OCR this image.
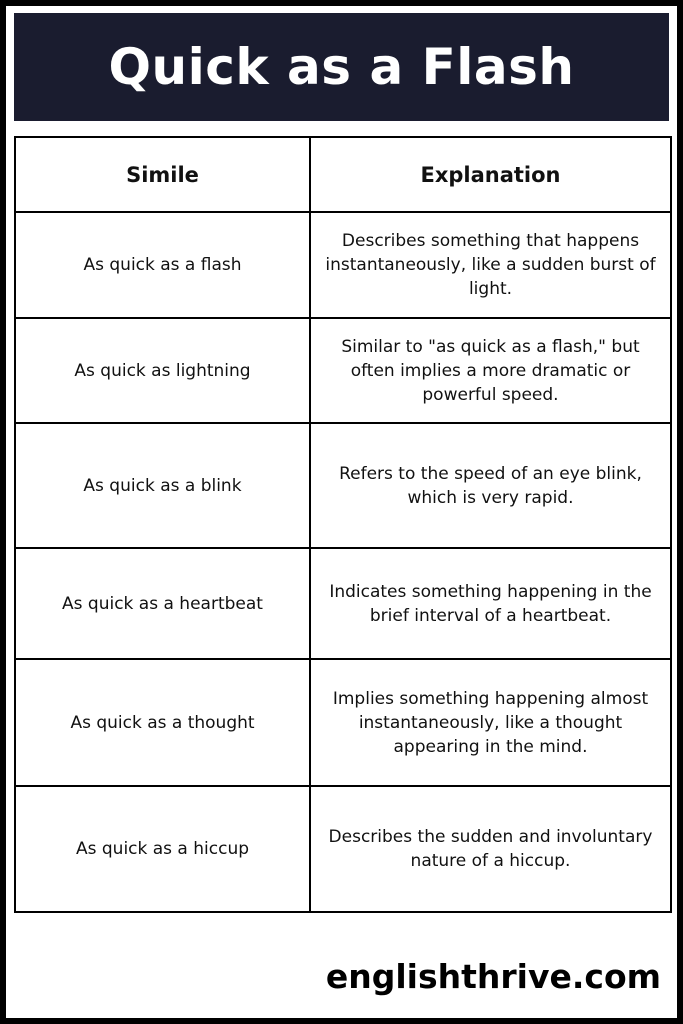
Quick as a Flash
Simile	Explanation
As quick as a flash	Describes something that happens instantaneously, like a sudden burst of light.
As quick as lightning	Similar to "as quick as a flash," but often implies a more dramatic or powerful speed.
As quick as a blink	Refers to the speed of an eye blink, which is very rapid.
As quick as a heartbeat	Indicates something happening in the brief interval of a heartbeat.
As quick as a thought	Implies something happening almost instantaneously, like a thought appearing in the mind.
As quick as a hiccup	Describes the sudden and involuntary nature of a hiccup.
englishthrive.com
